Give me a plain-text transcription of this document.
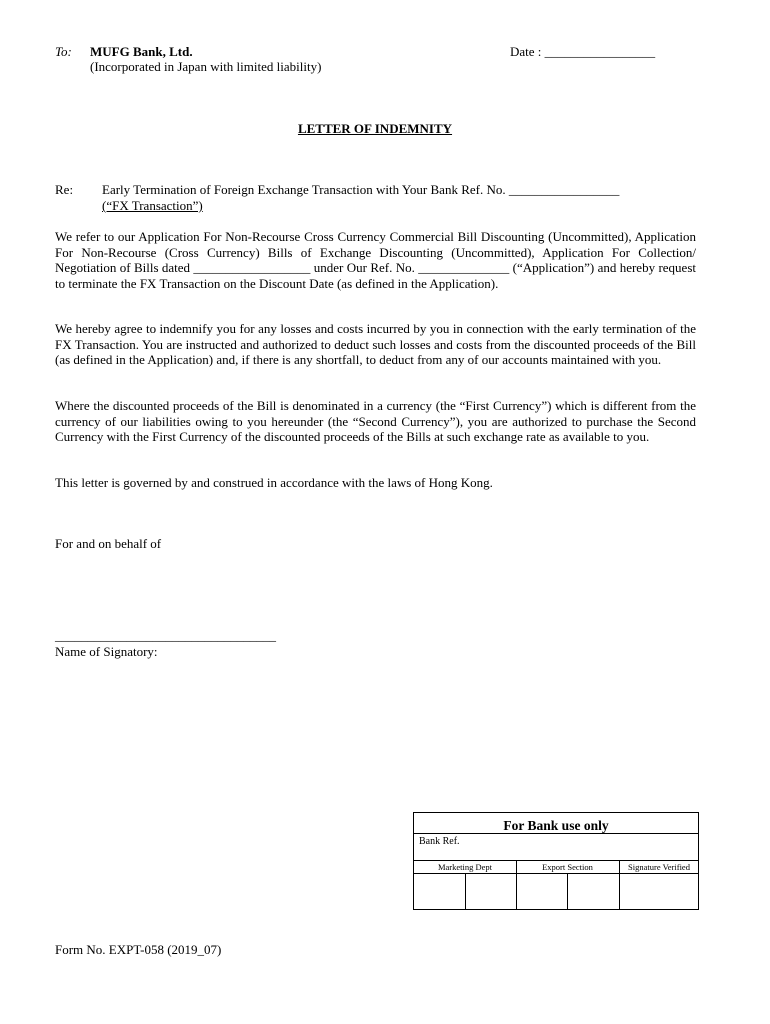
To: MUFG Bank, Ltd.
(Incorporated in Japan with limited liability)
Date : _________________
LETTER OF INDEMNITY
Re: Early Termination of Foreign Exchange Transaction with Your Bank Ref. No. _________________
(“FX Transaction”)
We refer to our Application For Non-Recourse Cross Currency Commercial Bill Discounting (Uncommitted), Application For Non-Recourse (Cross Currency) Bills of Exchange Discounting (Uncommitted), Application For Collection/ Negotiation of Bills dated __________________ under Our Ref. No. ______________ (“Application”) and hereby request to terminate the FX Transaction on the Discount Date (as defined in the Application).
We hereby agree to indemnify you for any losses and costs incurred by you in connection with the early termination of the FX Transaction. You are instructed and authorized to deduct such losses and costs from the discounted proceeds of the Bill (as defined in the Application) and, if there is any shortfall, to deduct from any of our accounts maintained with you.
Where the discounted proceeds of the Bill is denominated in a currency (the “First Currency”) which is different from the currency of our liabilities owing to you hereunder (the “Second Currency”), you are authorized to purchase the Second Currency with the First Currency of the discounted proceeds of the Bills at such exchange rate as available to you.
This letter is governed by and construed in accordance with the laws of Hong Kong.
For and on behalf of
__________________________________
Name of Signatory:
For Bank use only
Bank Ref.
Marketing Dept	Export Section	Signature Verified
Form No. EXPT-058 (2019_07)
